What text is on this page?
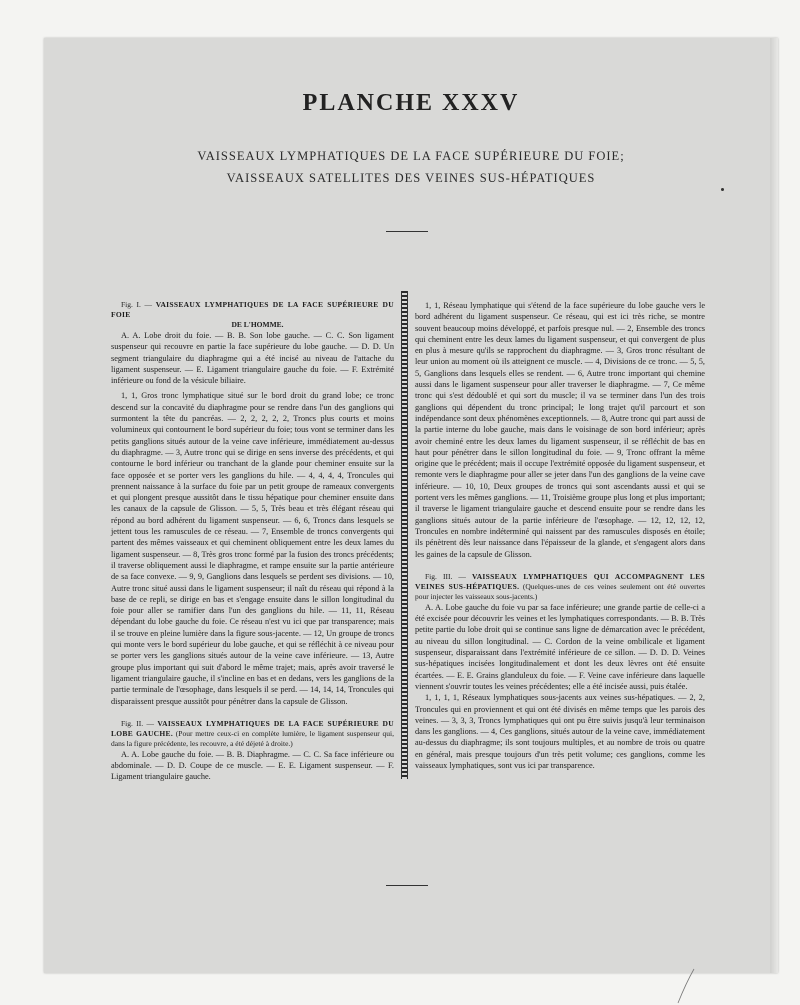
PLANCHE XXXV
VAISSEAUX LYMPHATIQUES DE LA FACE SUPÉRIEURE DU FOIE;
VAISSEAUX SATELLITES DES VEINES SUS-HÉPATIQUES

Fig. I. — VAISSEAUX LYMPHATIQUES DE LA FACE SUPÉRIEURE DU FOIE
DE L'HOMME.

A. A. Lobe droit du foie. — B. B. Son lobe gauche. — C. C. Son ligament suspenseur qui recouvre en partie la face supérieure du lobe gauche. — D. D. Un segment triangulaire du diaphragme qui a été incisé au niveau de l'attache du ligament suspenseur. — E. Ligament triangulaire gauche du foie. — F. Extrémité inférieure ou fond de la vésicule biliaire.

1, 1, Gros tronc lymphatique situé sur le bord droit du grand lobe; ce tronc descend sur la concavité du diaphragme pour se rendre dans l'un des ganglions qui surmontent la tête du pancréas. — 2, 2, 2, 2, 2, Troncs plus courts et moins volumineux qui contournent le bord supérieur du foie; tous vont se terminer dans les petits ganglions situés autour de la veine cave inférieure, immédiatement au-dessus du diaphragme. — 3, Autre tronc qui se dirige en sens inverse des précédents, et qui contourne le bord inférieur ou tranchant de la glande pour cheminer ensuite sur la face opposée et se porter vers les ganglions du hile. — 4, 4, 4, 4, Troncules qui prennent naissance à la surface du foie par un petit groupe de rameaux convergents et qui plongent presque aussitôt dans le tissu hépatique pour cheminer ensuite dans les canaux de la capsule de Glisson. — 5, 5, Très beau et très élégant réseau qui répond au bord adhérent du ligament suspenseur. — 6, 6, Troncs dans lesquels se jettent tous les ramuscules de ce réseau. — 7, Ensemble de troncs convergents qui partent des mêmes vaisseaux et qui cheminent obliquement entre les deux lames du ligament suspenseur. — 8, Très gros tronc formé par la fusion des troncs précédents; il traverse obliquement aussi le diaphragme, et rampe ensuite sur la partie antérieure de sa face convexe. — 9, 9, Ganglions dans lesquels se perdent ses divisions. — 10, Autre tronc situé aussi dans le ligament suspenseur; il naît du réseau qui répond à la base de ce repli, se dirige en bas et s'engage ensuite dans le sillon longitudinal du foie pour aller se ramifier dans l'un des ganglions du hile. — 11, 11, Réseau dépendant du lobe gauche du foie. Ce réseau n'est vu ici que par transparence; mais il se trouve en pleine lumière dans la figure sous-jacente. — 12, Un groupe de troncs qui monte vers le bord supérieur du lobe gauche, et qui se réfléchit à ce niveau pour se porter vers les ganglions situés autour de la veine cave inférieure. — 13, Autre groupe plus important qui suit d'abord le même trajet; mais, après avoir traversé le ligament triangulaire gauche, il s'incline en bas et en dedans, vers les ganglions de la partie terminale de l'œsophage, dans lesquels il se perd. — 14, 14, 14, Troncules qui disparaissent presque aussitôt pour pénétrer dans la capsule de Glisson.

Fig. II. — VAISSEAUX LYMPHATIQUES DE LA FACE SUPÉRIEURE DU LOBE GAUCHE. (Pour mettre ceux-ci en complète lumière, le ligament suspenseur qui, dans la figure précédente, les recouvre, a été déjeté à droite.)

A. A. Lobe gauche du foie. — B. B. Diaphragme. — C. C. Sa face inférieure ou abdominale. — D. D. Coupe de ce muscle. — E. E. Ligament suspenseur. — F. Ligament triangulaire gauche.

1, 1, Réseau lymphatique qui s'étend de la face supérieure du lobe gauche vers le bord adhérent du ligament suspenseur. Ce réseau, qui est ici très riche, se montre souvent beaucoup moins développé, et parfois presque nul. — 2, Ensemble des troncs qui cheminent entre les deux lames du ligament suspenseur, et qui convergent de plus en plus à mesure qu'ils se rapprochent du diaphragme. — 3, Gros tronc résultant de leur union au moment où ils atteignent ce muscle. — 4, Divisions de ce tronc. — 5, 5, 5, Ganglions dans lesquels elles se rendent. — 6, Autre tronc important qui chemine aussi dans le ligament suspenseur pour aller traverser le diaphragme. — 7, Ce même tronc qui s'est dédoublé et qui sort du muscle; il va se terminer dans l'un des trois ganglions qui dépendent du tronc principal; le long trajet qu'il parcourt et son indépendance sont deux phénomènes exceptionnels. — 8, Autre tronc qui part aussi de la partie interne du lobe gauche, mais dans le voisinage de son bord inférieur; après avoir cheminé entre les deux lames du ligament suspenseur, il se réfléchit de bas en haut pour pénétrer dans le sillon longitudinal du foie. — 9, Tronc offrant la même origine que le précédent; mais il occupe l'extrémité opposée du ligament suspenseur, et remonte vers le diaphragme pour aller se jeter dans l'un des ganglions de la veine cave inférieure. — 10, 10, Deux groupes de troncs qui sont ascendants aussi et qui se portent vers les mêmes ganglions. — 11, Troisième groupe plus long et plus important; il traverse le ligament triangulaire gauche et descend ensuite pour se rendre dans les ganglions situés autour de la partie inférieure de l'œsophage. — 12, 12, 12, 12, Troncules en nombre indéterminé qui naissent par des ramuscules disposés en étoile; ils pénètrent dès leur naissance dans l'épaisseur de la glande, et s'engagent alors dans les gaines de la capsule de Glisson.

Fig. III. — VAISSEAUX LYMPHATIQUES QUI ACCOMPAGNENT LES VEINES SUS-HÉPATIQUES. (Quelques-unes de ces veines seulement ont été ouvertes pour injecter les vaisseaux sous-jacents.)

A. A. Lobe gauche du foie vu par sa face inférieure; une grande partie de celle-ci a été excisée pour découvrir les veines et les lymphatiques correspondants. — B. B. Très petite partie du lobe droit qui se continue sans ligne de démarcation avec le précédent, au niveau du sillon longitudinal. — C. Cordon de la veine ombilicale et ligament suspenseur, disparaissant dans l'extrémité inférieure de ce sillon. — D. D. D. Veines sus-hépatiques incisées longitudinalement et dont les deux lèvres ont été ensuite écartées. — E. E. Grains glanduleux du foie. — F. Veine cave inférieure dans laquelle viennent s'ouvrir toutes les veines précédentes; elle a été incisée aussi, puis étalée.

1, 1, 1, 1, Réseaux lymphatiques sous-jacents aux veines sus-hépatiques. — 2, 2, Troncules qui en proviennent et qui ont été divisés en même temps que les parois des veines. — 3, 3, 3, Troncs lymphatiques qui ont pu être suivis jusqu'à leur terminaison dans les ganglions. — 4, Ces ganglions, situés autour de la veine cave, immédiatement au-dessus du diaphragme; ils sont toujours multiples, et au nombre de trois ou quatre en général, mais presque toujours d'un très petit volume; ces ganglions, comme les vaisseaux lymphatiques, sont vus ici par transparence.
